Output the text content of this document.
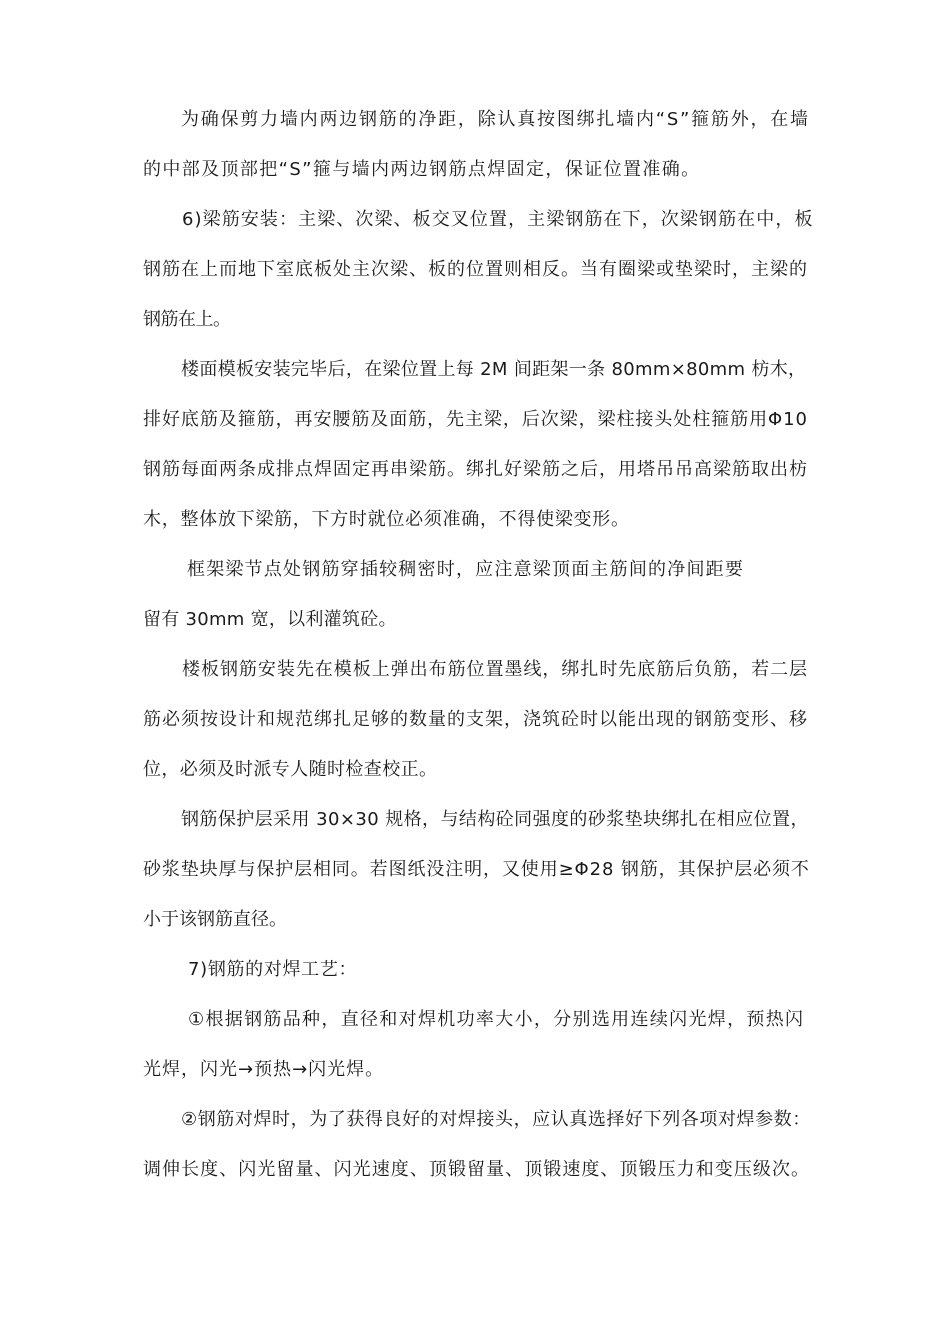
为确保剪力墙内两边钢筋的净距，除认真按图绑扎墙内“S”箍筋外，在墙
的中部及顶部把“S”箍与墙内两边钢筋点焊固定，保证位置准确。
6)梁筋安装：主梁、次梁、板交叉位置，主梁钢筋在下，次梁钢筋在中，板
钢筋在上而地下室底板处主次梁、板的位置则相反。当有圈梁或垫梁时，主梁的
钢筋在上。
楼面模板安装完毕后，在梁位置上每 2M 间距架一条 80mm×80mm 枋木，
排好底筋及箍筋，再安腰筋及面筋，先主梁，后次梁，梁柱接头处柱箍筋用Φ10
钢筋每面两条成排点焊固定再串梁筋。绑扎好梁筋之后，用塔吊吊高梁筋取出枋
木，整体放下梁筋，下方时就位必须准确，不得使梁变形。
框架梁节点处钢筋穿插较稠密时，应注意梁顶面主筋间的净间距要
留有 30mm 宽，以利灌筑砼。
楼板钢筋安装先在模板上弹出布筋位置墨线，绑扎时先底筋后负筋，若二层
筋必须按设计和规范绑扎足够的数量的支架，浇筑砼时以能出现的钢筋变形、移
位，必须及时派专人随时检查校正。
钢筋保护层采用 30×30 规格，与结构砼同强度的砂浆垫块绑扎在相应位置，
砂浆垫块厚与保护层相同。若图纸没注明，又使用≥Φ28 钢筋，其保护层必须不
小于该钢筋直径。
7)钢筋的对焊工艺：
①根据钢筋品种，直径和对焊机功率大小，分别选用连续闪光焊，预热闪
光焊，闪光→预热→闪光焊。
②钢筋对焊时，为了获得良好的对焊接头，应认真选择好下列各项对焊参数：
调伸长度、闪光留量、闪光速度、顶锻留量、顶锻速度、顶锻压力和变压级次。
